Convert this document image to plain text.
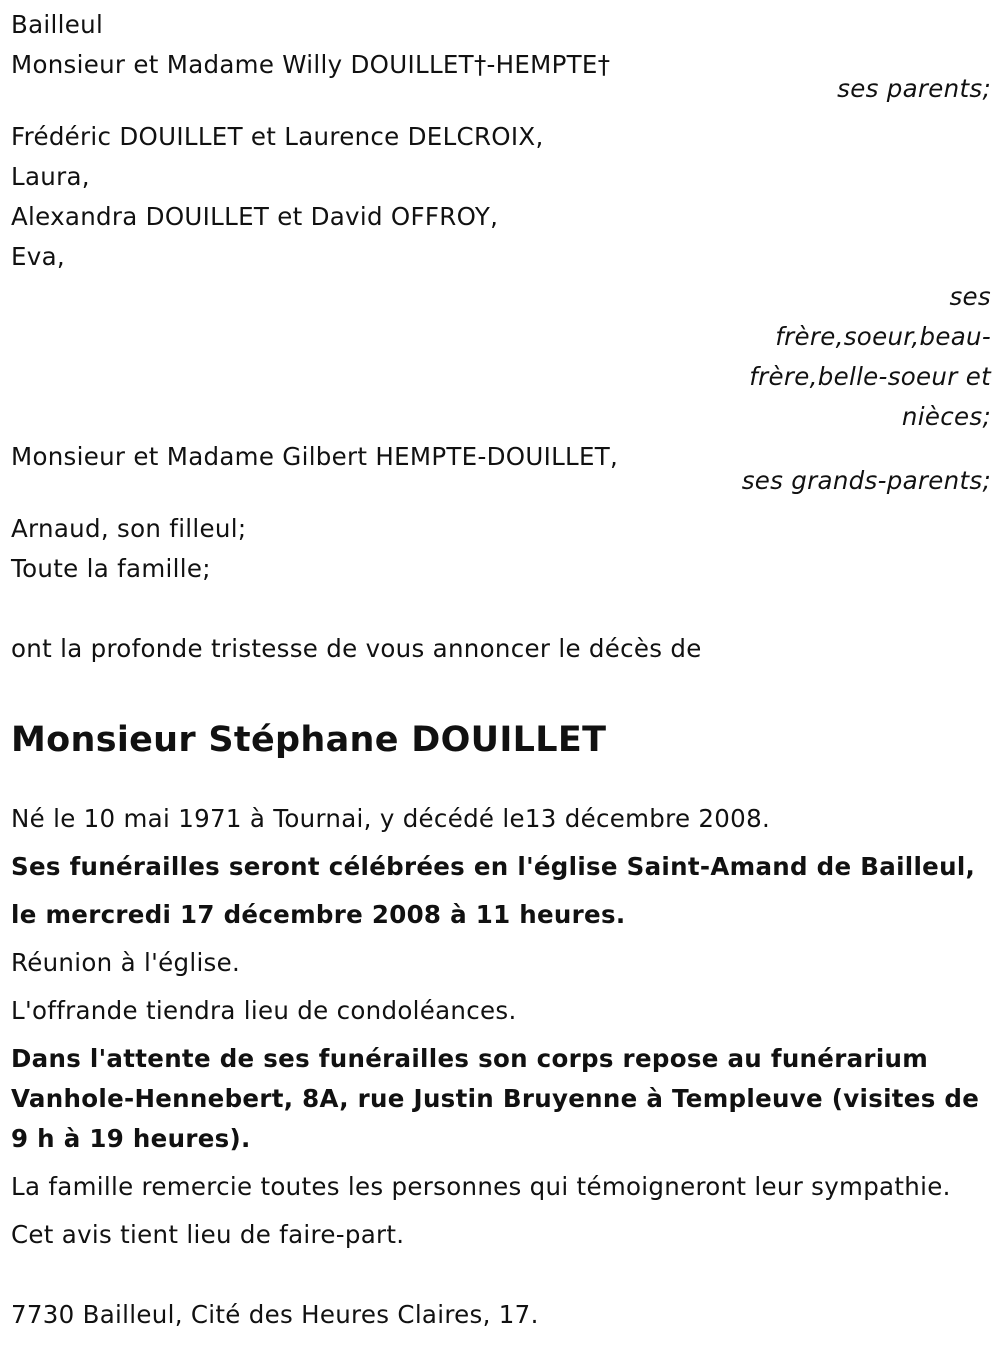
Bailleul
Monsieur et Madame Willy DOUILLET†-HEMPTE†
ses parents;
Frédéric DOUILLET et Laurence DELCROIX,
Laura,
Alexandra DOUILLET et David OFFROY,
Eva,
ses
frère,soeur,beau-
frère,belle-soeur et
nièces;
Monsieur et Madame Gilbert HEMPTE-DOUILLET,
ses grands-parents;
Arnaud, son filleul;
Toute la famille;
ont la profonde tristesse de vous annoncer le décès de
Monsieur Stéphane DOUILLET
Né le 10 mai 1971 à Tournai, y décédé le13 décembre 2008.
Ses funérailles seront célébrées en l'église Saint-Amand de Bailleul,
le mercredi 17 décembre 2008 à 11 heures.
Réunion à l'église.
L'offrande tiendra lieu de condoléances.
Dans l'attente de ses funérailles son corps repose au funérarium Vanhole-Hennebert, 8A, rue Justin Bruyenne à Templeuve (visites de 9 h à 19 heures).
La famille remercie toutes les personnes qui témoigneront leur sympathie.
Cet avis tient lieu de faire-part.
7730 Bailleul, Cité des Heures Claires, 17.
